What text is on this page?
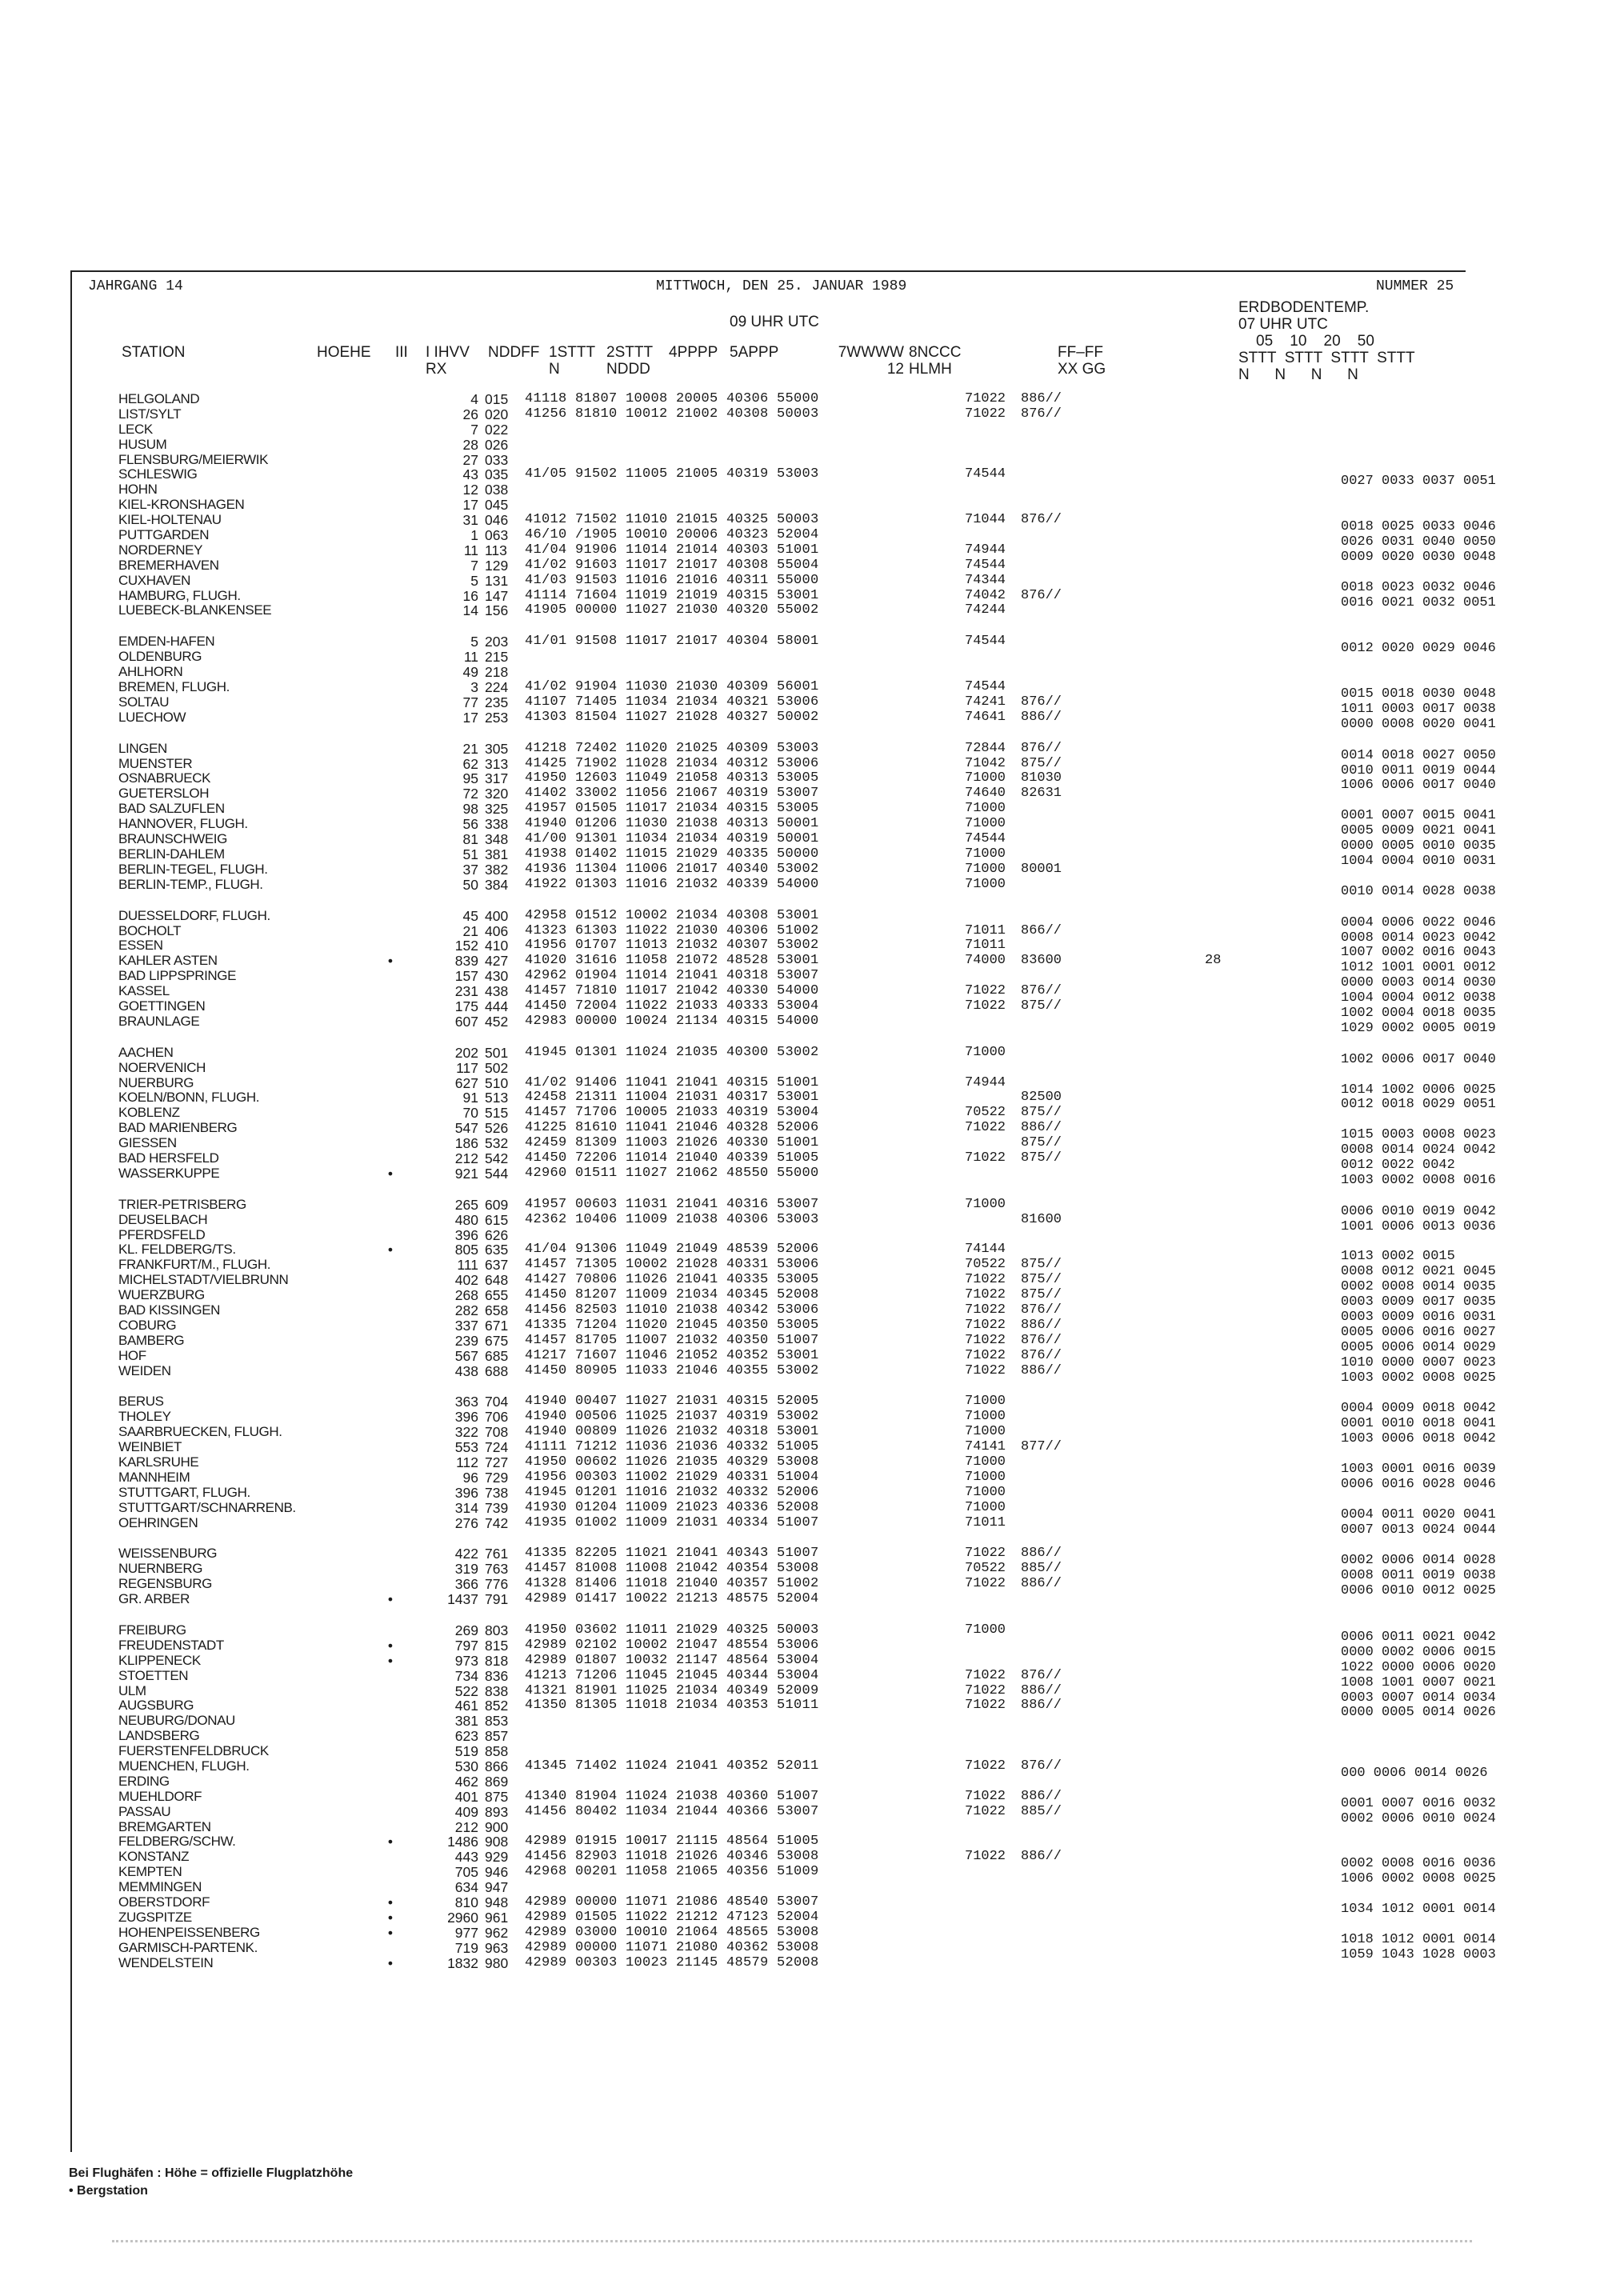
JAHRGANG 14	MITTWOCH, DEN 25. JANUAR 1989	NUMMER 25
09 UHR UTC
STATION	HOEHE III I IHVV
RX
NDDFF 1STTT
N
2STTT
NDDD
4PPPP 5APPP	7WWWW
12
8NCCC
HLMH
FF–FF
XX GG
ERDBODENTEMP.
07 UHR UTC
05    10    20    50
STTT  STTT  STTT  STTT
N      N      N      N
HELGOLAND	4 015	41118 81807 10008 20005 40306 55000	71022 886//
LIST/SYLT	26 020	41256 81810 10012 21002 40308 50003	71022 876//
LECK	7 022
HUSUM	28 026
FLENSBURG/MEIERWIK	27 033
SCHLESWIG	43 035	41/05 91502 11005 21005 40319 53003	74544	0027 0033 0037 0051
HOHN	12 038
KIEL-KRONSHAGEN	17 045
KIEL-HOLTENAU	31 046	41012 71502 11010 21015 40325 50003	71044 876//	0018 0025 0033 0046
PUTTGARDEN	1 063	46/10 /1905 10010 20006 40323 52004	0026 0031 0040 0050
NORDERNEY	11 113	41/04 91906 11014 21014 40303 51001	74944	0009 0020 0030 0048
BREMERHAVEN	7 129	41/02 91603 11017 21017 40308 55004	74544
CUXHAVEN	5 131	41/03 91503 11016 21016 40311 55000	74344	0018 0023 0032 0046
HAMBURG, FLUGH.	16 147	41114 71604 11019 21019 40315 53001	74042 876//	0016 0021 0032 0051
LUEBECK-BLANKENSEE	14 156	41905 00000 11027 21030 40320 55002	74244
EMDEN-HAFEN	5 203	41/01 91508 11017 21017 40304 58001	74544	0012 0020 0029 0046
OLDENBURG	11 215
AHLHORN	49 218
BREMEN, FLUGH.	3 224	41/02 91904 11030 21030 40309 56001	74544	0015 0018 0030 0048
SOLTAU	77 235	41107 71405 11034 21034 40321 53006	74241 876//	1011 0003 0017 0038
LUECHOW	17 253	41303 81504 11027 21028 40327 50002	74641 886//	0000 0008 0020 0041
LINGEN	21 305	41218 72402 11020 21025 40309 53003	72844 876//	0014 0018 0027 0050
MUENSTER	62 313	41425 71902 11028 21034 40312 53006	71042 875//	0010 0011 0019 0044
OSNABRUECK	95 317	41950 12603 11049 21058 40313 53005	71000 81030	1006 0006 0017 0040
GUETERSLOH	72 320	41402 33002 11056 21067 40319 53007	74640 82631
BAD SALZUFLEN	98 325	41957 01505 11017 21034 40315 53005	71000	0001 0007 0015 0041
HANNOVER, FLUGH.	56 338	41940 01206 11030 21038 40313 50001	71000	0005 0009 0021 0041
BRAUNSCHWEIG	81 348	41/00 91301 11034 21034 40319 50001	74544	0000 0005 0010 0035
BERLIN-DAHLEM	51 381	41938 01402 11015 21029 40335 50000	71000	1004 0004 0010 0031
BERLIN-TEGEL, FLUGH.	37 382	41936 11304 11006 21017 40340 53002	71000 80001
BERLIN-TEMP., FLUGH.	50 384	41922 01303 11016 21032 40339 54000	71000	0010 0014 0028 0038
DUESSELDORF, FLUGH.	45 400	42958 01512 10002 21034 40308 53001	0004 0006 0022 0046
BOCHOLT	21 406	41323 61303 11022 21030 40306 51002	71011 866//	0008 0014 0023 0042
ESSEN	152 410	41956 01707 11013 21032 40307 53002	71011	1007 0002 0016 0043
KAHLER ASTEN	•	839 427	41020 31616 11058 21072 48528 53001	74000 83600	28	1012 1001 0001 0012
BAD LIPPSPRINGE	157 430	42962 01904 11014 21041 40318 53007	0000 0003 0014 0030
KASSEL	231 438	41457 71810 11017 21042 40330 54000	71022 876//	1004 0004 0012 0038
GOETTINGEN	175 444	41450 72004 11022 21033 40333 53004	71022 875//	1002 0004 0018 0035
BRAUNLAGE	607 452	42983 00000 10024 21134 40315 54000	1029 0002 0005 0019
AACHEN	202 501	41945 01301 11024 21035 40300 53002	71000	1002 0006 0017 0040
NOERVENICH	117 502
NUERBURG	627 510	41/02 91406 11041 21041 40315 51001	74944	1014 1002 0006 0025
KOELN/BONN, FLUGH.	91 513	42458 21311 11004 21031 40317 53001	82500	0012 0018 0029 0051
KOBLENZ	70 515	41457 71706 10005 21033 40319 53004	70522 875//
BAD MARIENBERG	547 526	41225 81610 11041 21046 40328 52006	71022 886//	1015 0003 0008 0023
GIESSEN	186 532	42459 81309 11003 21026 40330 51001	875//	0008 0014 0024 0042
BAD HERSFELD	212 542	41450 72206 11014 21040 40339 51005	71022 875//	0012 0022 0042
WASSERKUPPE	•	921 544	42960 01511 11027 21062 48550 55000	1003 0002 0008 0016
TRIER-PETRISBERG	265 609	41957 00603 11031 21041 40316 53007	71000	0006 0010 0019 0042
DEUSELBACH	480 615	42362 10406 11009 21038 40306 53003	81600	1001 0006 0013 0036
PFERDSFELD	396 626
KL. FELDBERG/TS.	•	805 635	41/04 91306 11049 21049 48539 52006	74144	1013 0002 0015
FRANKFURT/M., FLUGH.	111 637	41457 71305 10002 21028 40331 53006	70522 875//	0008 0012 0021 0045
MICHELSTADT/VIELBRUNN	402 648	41427 70806 11026 21041 40335 53005	71022 875//	0002 0008 0014 0035
WUERZBURG	268 655	41450 81207 11009 21034 40345 52008	71022 875//	0003 0009 0017 0035
BAD KISSINGEN	282 658	41456 82503 11010 21038 40342 53006	71022 876//	0003 0009 0016 0031
COBURG	337 671	41335 71204 11020 21045 40350 53005	71022 886//	0005 0006 0016 0027
BAMBERG	239 675	41457 81705 11007 21032 40350 51007	71022 876//	0005 0006 0014 0029
HOF	567 685	41217 71607 11046 21052 40352 53001	71022 876//	1010 0000 0007 0023
WEIDEN	438 688	41450 80905 11033 21046 40355 53002	71022 886//	1003 0002 0008 0025
BERUS	363 704	41940 00407 11027 21031 40315 52005	71000	0004 0009 0018 0042
THOLEY	396 706	41940 00506 11025 21037 40319 53002	71000	0001 0010 0018 0041
SAARBRUECKEN, FLUGH.	322 708	41940 00809 11026 21032 40318 53001	71000	1003 0006 0018 0042
WEINBIET	553 724	41111 71212 11036 21036 40332 51005	74141 877//
KARLSRUHE	112 727	41950 00602 11026 21035 40329 53008	71000	1003 0001 0016 0039
MANNHEIM	96 729	41956 00303 11002 21029 40331 51004	71000	0006 0016 0028 0046
STUTTGART, FLUGH.	396 738	41945 01201 11016 21032 40332 52006	71000
STUTTGART/SCHNARRENB.	314 739	41930 01204 11009 21023 40336 52008	71000	0004 0011 0020 0041
OEHRINGEN	276 742	41935 01002 11009 21031 40334 51007	71011	0007 0013 0024 0044
WEISSENBURG	422 761	41335 82205 11021 21041 40343 51007	71022 886//	0002 0006 0014 0028
NUERNBERG	319 763	41457 81008 11008 21042 40354 53008	70522 885//	0008 0011 0019 0038
REGENSBURG	366 776	41328 81406 11018 21040 40357 51002	71022 886//	0006 0010 0012 0025
GR. ARBER	•	1437 791	42989 01417 10022 21213 48575 52004
FREIBURG	269 803	41950 03602 11011 21029 40325 50003	71000	0006 0011 0021 0042
FREUDENSTADT	•	797 815	42989 02102 10002 21047 48554 53006	0000 0002 0006 0015
KLIPPENECK	•	973 818	42989 01807 10032 21147 48564 53004	1022 0000 0006 0020
STOETTEN	734 836	41213 71206 11045 21045 40344 53004	71022 876//	1008 1001 0007 0021
ULM	522 838	41321 81901 11025 21034 40349 52009	71022 886//	0003 0007 0014 0034
AUGSBURG	461 852	41350 81305 11018 21034 40353 51011	71022 886//	0000 0005 0014 0026
NEUBURG/DONAU	381 853
LANDSBERG	623 857
FUERSTENFELDBRUCK	519 858
MUENCHEN, FLUGH.	530 866	41345 71402 11024 21041 40352 52011	71022 876//	000 0006 0014 0026
ERDING	462 869
MUEHLDORF	401 875	41340 81904 11024 21038 40360 51007	71022 886//	0001 0007 0016 0032
PASSAU	409 893	41456 80402 11034 21044 40366 53007	71022 885//	0002 0006 0010 0024
BREMGARTEN	212 900
FELDBERG/SCHW.	•	1486 908	42989 01915 10017 21115 48564 51005
KONSTANZ	443 929	41456 82903 11018 21026 40346 53008	71022 886//	0002 0008 0016 0036
KEMPTEN	705 946	42968 00201 11058 21065 40356 51009	1006 0002 0008 0025
MEMMINGEN	634 947
OBERSTDORF	•	810 948	42989 00000 11071 21086 48540 53007	1034 1012 0001 0014
ZUGSPITZE	•	2960 961	42989 01505 11022 21212 47123 52004
HOHENPEISSENBERG	•	977 962	42989 03000 10010 21064 48565 53008	1018 1012 0001 0014
GARMISCH-PARTENK.	719 963	42989 00000 11071 21080 40362 53008	1059 1043 1028 0003
WENDELSTEIN	•	1832 980	42989 00303 10023 21145 48579 52008
Bei Flughäfen : Höhe = offizielle Flugplatzhöhe
• Bergstation
